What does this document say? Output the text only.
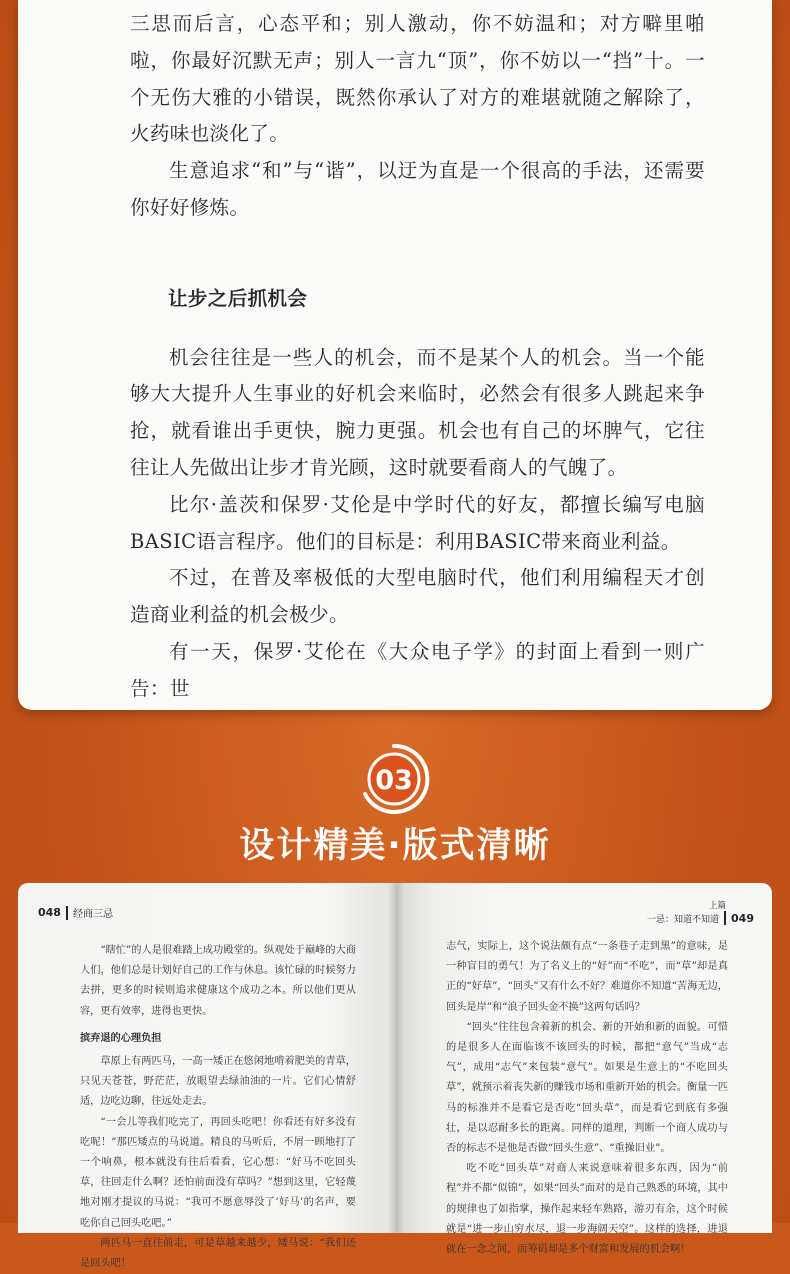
三思而后言，心态平和；别人激动，你不妨温和；对方噼里啪啦，你最好沉默无声；别人一言九“顶”，你不妨以一“挡”十。一个无伤大雅的小错误，既然你承认了对方的难堪就随之解除了，火药味也淡化了。

生意追求“和”与“谐”，以迂为直是一个很高的手法，还需要你好好修炼。

让步之后抓机会

机会往往是一些人的机会，而不是某个人的机会。当一个能够大大提升人生事业的好机会来临时，必然会有很多人跳起来争抢，就看谁出手更快，腕力更强。机会也有自己的坏脾气，它往往让人先做出让步才肯光顾，这时就要看商人的气魄了。

比尔·盖茨和保罗·艾伦是中学时代的好友，都擅长编写电脑BASIC语言程序。他们的目标是：利用BASIC带来商业利益。

不过，在普及率极低的大型电脑时代，他们利用编程天才创造商业利益的机会极少。

有一天，保罗·艾伦在《大众电子学》的封面上看到一则广告：世

03
设计精美·版式清晰
048 经商三忌

“瞎忙”的人是很难踏上成功殿堂的。纵观处于巅峰的大商人们，他们总是计划好自己的工作与休息。该忙碌的时候努力去拼，更多的时候则追求健康这个成功之本。所以他们更从容，更有效率，进得也更快。

摈弃退的心理负担

草原上有两匹马，一高一矮正在悠闲地啃着肥美的青草，只见天苍苍，野茫茫，放眼望去绿油油的一片。它们心情舒适，边吃边聊，往远处走去。

“一会儿等我们吃完了，再回头吃吧！你看还有好多没有吃呢！”那匹矮点的马说道。精良的马听后，不屑一顾地打了一个响鼻，根本就没有往后看看，它心想：“好马不吃回头草，往回走什么啊？还怕前面没有草吗？”想到这里，它轻蔑地对刚才提议的马说：“我可不愿意辱没了‘好马’的名声，要吃你自己回头吃吧。”

两匹马一直往前走，可是草越来越少，矮马说：“我们还是回头吧！

上篇
一忌：知道不知道 049

志气，实际上，这个说法颇有点“一条巷子走到黑”的意味，是一种盲目的勇气！为了名义上的“好”而“不吃”，而“草”却是真正的“好草”，“回头”又有什么不好？难道你不知道“苦海无边，回头是岸”和“浪子回头金不换”这两句话吗？

“回头”往往包含着新的机会、新的开始和新的面貌。可惜的是很多人在面临该不该回头的时候，都把“意气”当成“志气”，成用“志气”来包装“意气”。如果是生意上的“不吃回头草”，就预示着丧失新的赚钱市场和重新开始的机会。衡量一匹马的标准并不是看它是否吃“回头草”，而是看它到底有多强壮，是以忍耐多长的距离。同样的道理，判断一个商人成功与否的标志不是他是否做“回头生意”、“重操旧业”。

吃不吃“回头草”对商人来说意味着很多东西，因为“前程”并不都“似锦”，如果“回头”面对的是自己熟悉的环境，其中的规律也了如指掌，操作起来轻车熟路，游刃有余，这个时候就是“进一步山穷水尽，退一步海阔天空”。这样的选择，进退就在一念之间，而筹码却是多个财富和发展的机会啊！
